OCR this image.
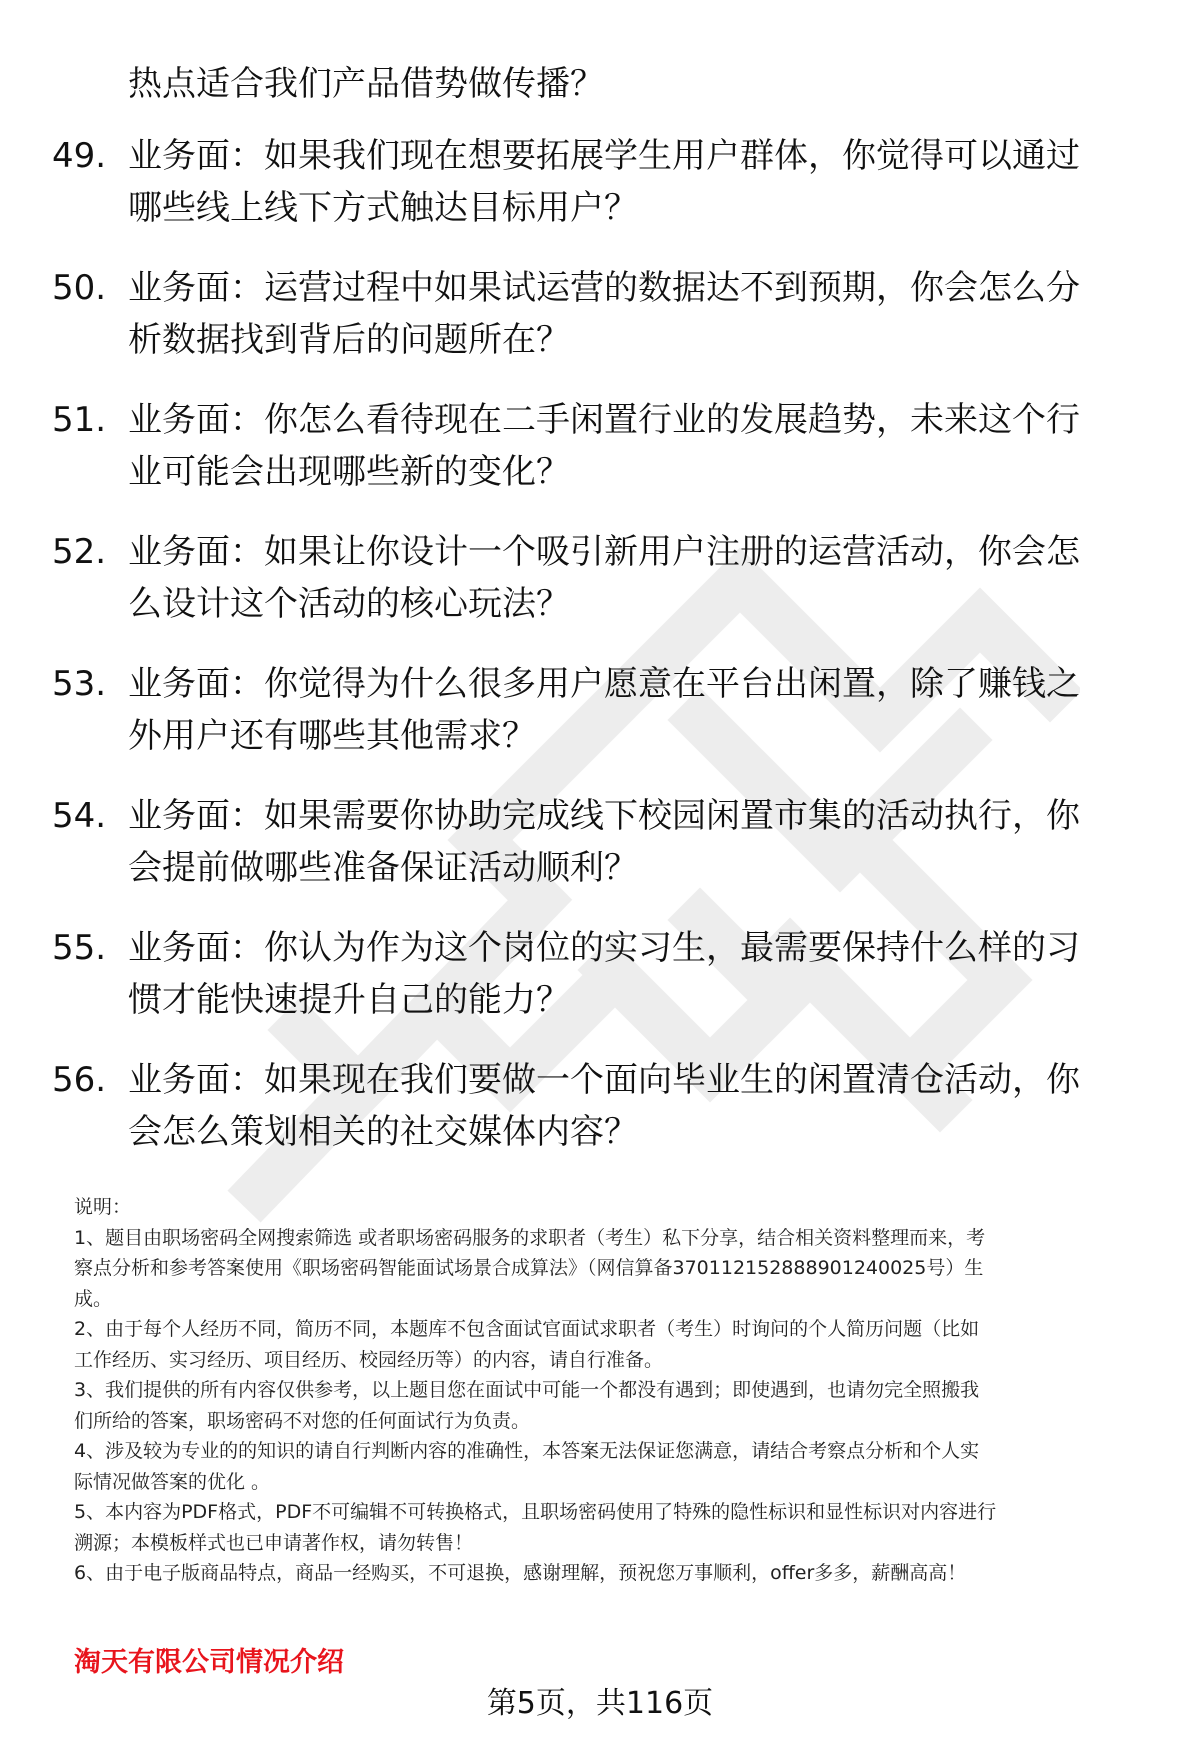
热点适合我们产品借势做传播？
49. 业务面：如果我们现在想要拓展学生用户群体，你觉得可以通过
哪些线上线下方式触达目标用户？
50. 业务面：运营过程中如果试运营的数据达不到预期，你会怎么分
析数据找到背后的问题所在？
51. 业务面：你怎么看待现在二手闲置行业的发展趋势，未来这个行
业可能会出现哪些新的变化？
52. 业务面：如果让你设计一个吸引新用户注册的运营活动，你会怎
么设计这个活动的核心玩法？
53. 业务面：你觉得为什么很多用户愿意在平台出闲置，除了赚钱之
外用户还有哪些其他需求？
54. 业务面：如果需要你协助完成线下校园闲置市集的活动执行，你
会提前做哪些准备保证活动顺利？
55. 业务面：你认为作为这个岗位的实习生，最需要保持什么样的习
惯才能快速提升自己的能力？
56. 业务面：如果现在我们要做一个面向毕业生的闲置清仓活动，你
会怎么策划相关的社交媒体内容？
说明：
1、题目由职场密码全网搜索筛选 或者职场密码服务的求职者（考生）私下分享，结合相关资料整理而来，考
察点分析和参考答案使用《职场密码智能面试场景合成算法》（网信算备370112152888901240025号）生
成。
2、由于每个人经历不同，简历不同，本题库不包含面试官面试求职者（考生）时询问的个人简历问题（比如
工作经历、实习经历、项目经历、校园经历等）的内容，请自行准备。
3、我们提供的所有内容仅供参考，以上题目您在面试中可能一个都没有遇到；即使遇到，也请勿完全照搬我
们所给的答案，职场密码不对您的任何面试行为负责。
4、涉及较为专业的的知识的请自行判断内容的准确性，本答案无法保证您满意，请结合考察点分析和个人实
际情况做答案的优化 。
5、本内容为PDF格式，PDF不可编辑不可转换格式，且职场密码使用了特殊的隐性标识和显性标识对内容进行
溯源；本模板样式也已申请著作权，请勿转售！
6、由于电子版商品特点，商品一经购买，不可退换，感谢理解，预祝您万事顺利，offer多多，薪酬高高！
淘天有限公司情况介绍
第5页，共116页
